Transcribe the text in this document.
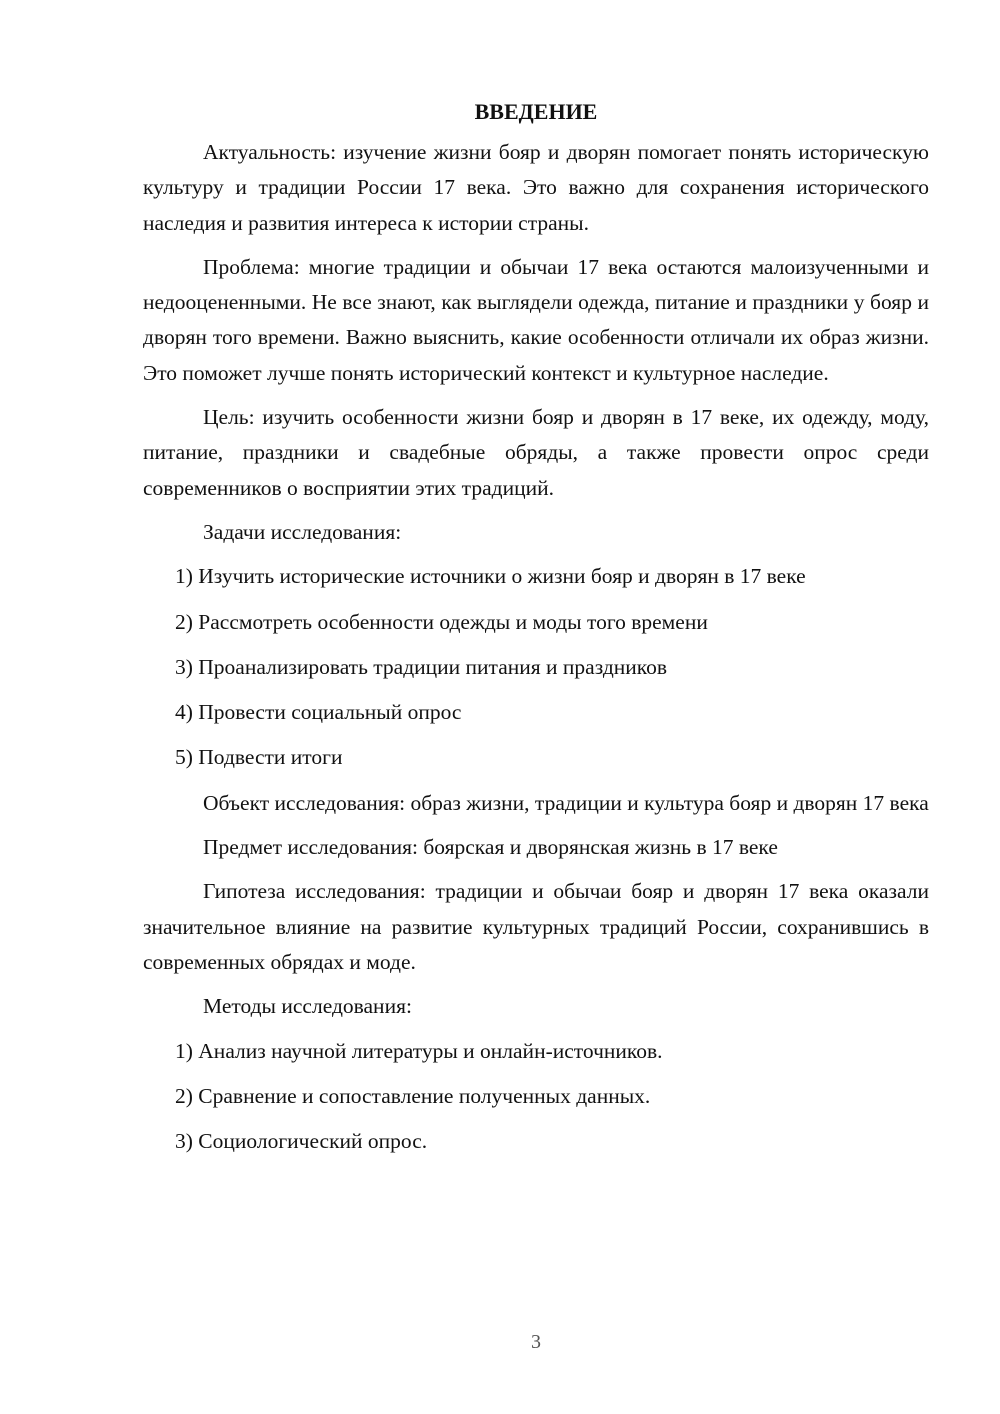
ВВЕДЕНИЕ

Актуальность: изучение жизни бояр и дворян помогает понять историческую культуру и традиции России 17 века. Это важно для сохранения исторического наследия и развития интереса к истории страны.

Проблема: многие традиции и обычаи 17 века остаются малоизученными и недооцененными. Не все знают, как выглядели одежда, питание и праздники у бояр и дворян того времени. Важно выяснить, какие особенности отличали их образ жизни. Это поможет лучше понять исторический контекст и культурное наследие.

Цель: изучить особенности жизни бояр и дворян в 17 веке, их одежду, моду, питание, праздники и свадебные обряды, а также провести опрос среди современников о восприятии этих традиций.

Задачи исследования:

1) Изучить исторические источники о жизни бояр и дворян в 17 веке
2) Рассмотреть особенности одежды и моды того времени
3) Проанализировать традиции питания и праздников
4) Провести социальный опрос
5) Подвести итоги

Объект исследования: образ жизни, традиции и культура бояр и дворян 17 века

Предмет исследования: боярская и дворянская жизнь в 17 веке

Гипотеза исследования: традиции и обычаи бояр и дворян 17 века оказали значительное влияние на развитие культурных традиций России, сохранившись в современных обрядах и моде.

Методы исследования:

1) Анализ научной литературы и онлайн-источников.
2) Сравнение и сопоставление полученных данных.
3) Социологический опрос.
3
